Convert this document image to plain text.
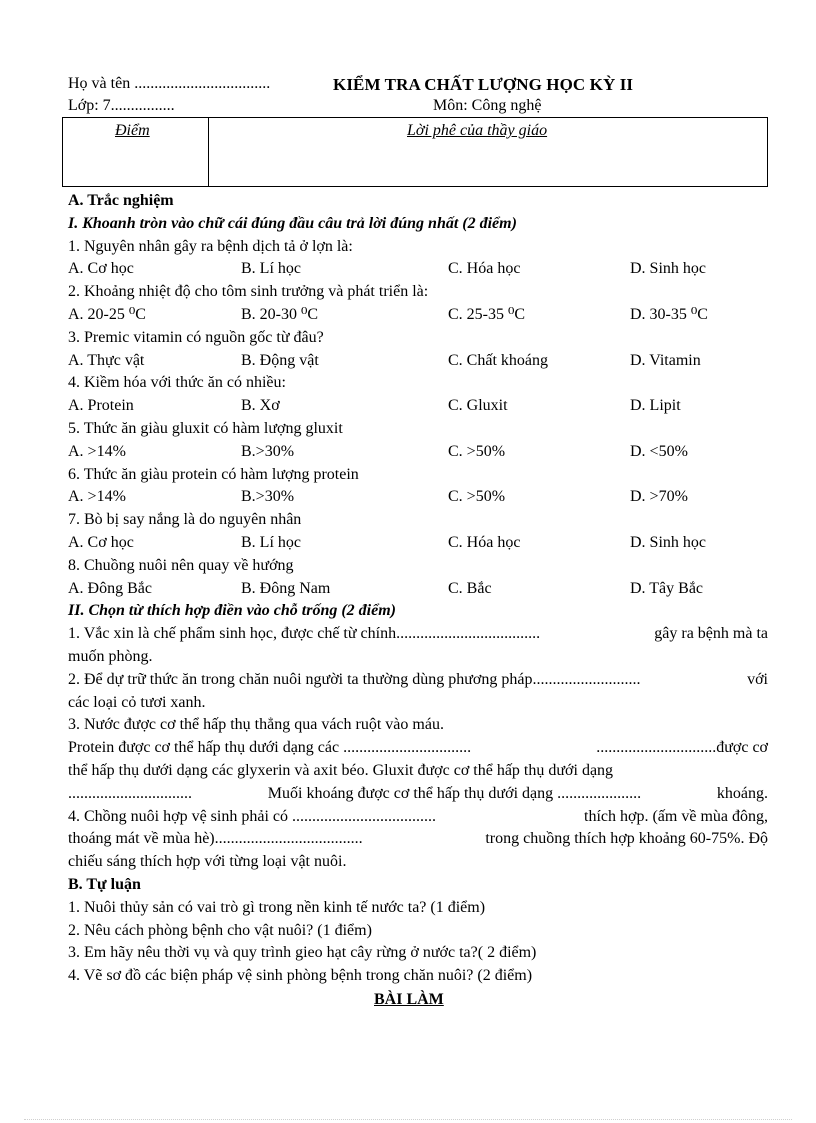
Họ và tên ..................................	KIỂM TRA CHẤT LƯỢNG HỌC KỲ II
Lớp: 7................	Môn: Công nghệ
Điểm	Lời phê của thầy giáo
A. Trắc nghiệm
I. Khoanh tròn vào chữ cái đúng đầu câu trả lời đúng nhất (2 điểm)
1. Nguyên nhân gây ra bệnh dịch tả ở lợn là:
A. Cơ học	B. Lí học	C. Hóa học	D. Sinh học
2. Khoảng nhiệt độ cho tôm sinh trưởng và phát triển là:
A. 20-25 ⁰C	B. 20-30 ⁰C	C. 25-35 ⁰C	D. 30-35 ⁰C
3. Premic vitamin có nguồn gốc từ đâu?
A. Thực vật	B. Động vật	C. Chất khoáng	D. Vitamin
4. Kiềm hóa với thức ăn có nhiều:
A. Protein	B. Xơ	C. Gluxit	D. Lipit
5. Thức ăn giàu gluxit có hàm lượng gluxit
A. >14%	B.>30%	C. >50%	D. <50%
6. Thức ăn giàu protein có hàm lượng protein
A. >14%	B.>30%	C. >50%	D. >70%
7. Bò bị say nắng là do nguyên nhân
A. Cơ học	B. Lí học	C. Hóa học	D. Sinh học
8. Chuồng nuôi nên quay về hướng
A. Đông Bắc	B. Đông Nam	C. Bắc	D. Tây Bắc
II. Chọn từ thích hợp điền vào chỗ trống (2 điểm)
1. Vắc xin là chế phẩm sinh học, được chế từ chính....................................	gây ra bệnh mà ta
muốn phòng.
2. Để dự trữ thức ăn trong chăn nuôi người ta thường dùng phương pháp...........................	với
các loại cỏ tươi xanh.
3. Nước được cơ thể hấp thụ thẳng qua vách ruột vào máu.
Protein được cơ thể hấp thụ dưới dạng các ................................	..............................được cơ
thể hấp thụ dưới dạng các glyxerin và axit béo. Gluxit được cơ thể hấp thụ dưới dạng
...............................	Muối khoáng được cơ thể hấp thụ dưới dạng .....................	khoáng.
4. Chồng nuôi hợp vệ sinh phải có ....................................	thích hợp. (ấm về mùa đông,
thoáng mát về mùa hè).....................................	trong chuồng thích hợp khoảng 60-75%. Độ
chiếu sáng thích hợp với từng loại vật nuôi.
B. Tự luận
1. Nuôi thủy sản có vai trò gì trong nền kinh tế nước ta? (1 điểm)
2. Nêu cách phòng bệnh cho vật nuôi? (1 điểm)
3. Em hãy nêu thời vụ và quy trình gieo hạt cây rừng ở nước ta?( 2 điểm)
4. Vẽ sơ đồ các biện pháp vệ sinh phòng bệnh trong chăn nuôi? (2 điểm)
BÀI LÀM
